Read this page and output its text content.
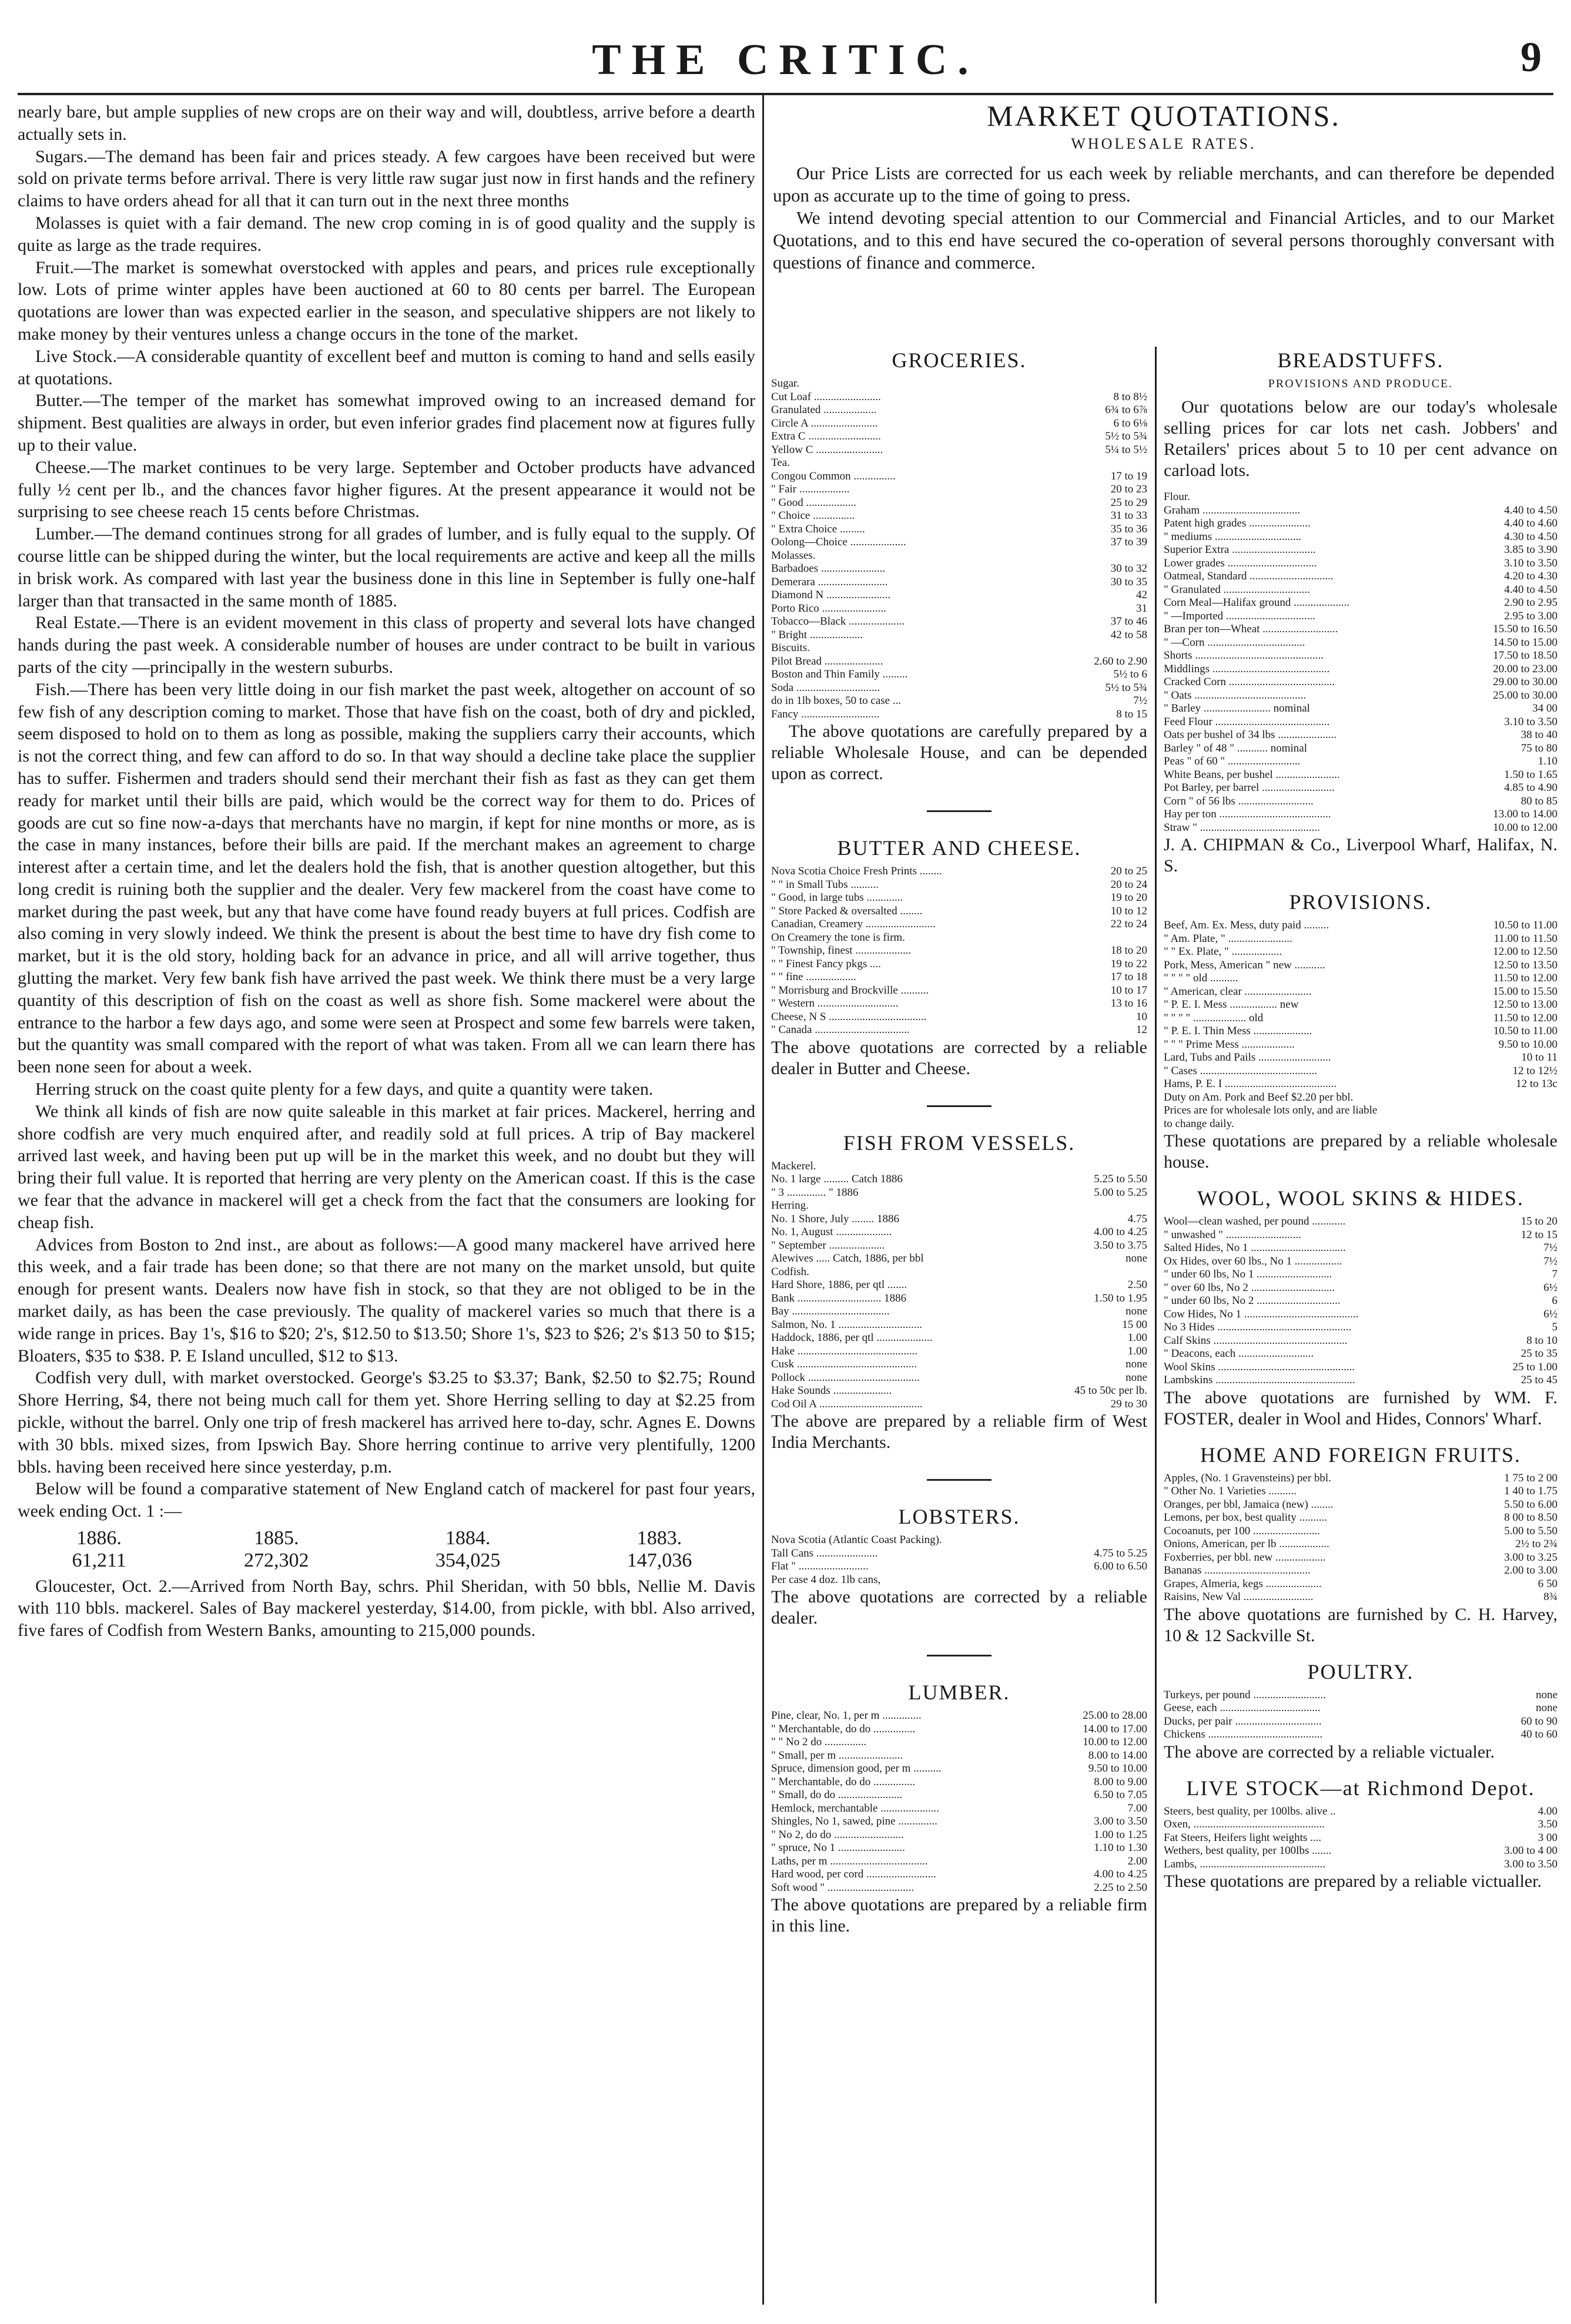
THE CRITIC.	9

nearly bare, but ample supplies of new crops are on their way and will, doubtless, arrive before a dearth actually sets in.

Sugars.—The demand has been fair and prices steady. A few cargoes have been received but were sold on private terms before arrival. There is very little raw sugar just now in first hands and the refinery claims to have orders ahead for all that it can turn out in the next three months

Molasses is quiet with a fair demand. The new crop coming in is of good quality and the supply is quite as large as the trade requires.

Fruit.—The market is somewhat overstocked with apples and pears, and prices rule exceptionally low. Lots of prime winter apples have been auctioned at 60 to 80 cents per barrel. The European quotations are lower than was expected earlier in the season, and speculative shippers are not likely to make money by their ventures unless a change occurs in the tone of the market.

Live Stock.—A considerable quantity of excellent beef and mutton is coming to hand and sells easily at quotations.

Butter.—The temper of the market has somewhat improved owing to an increased demand for shipment. Best qualities are always in order, but even inferior grades find placement now at figures fully up to their value.

Cheese.—The market continues to be very large. September and October products have advanced fully ½ cent per lb., and the chances favor higher figures. At the present appearance it would not be surprising to see cheese reach 15 cents before Christmas.

Lumber.—The demand continues strong for all grades of lumber, and is fully equal to the supply. Of course little can be shipped during the winter, but the local requirements are active and keep all the mills in brisk work. As compared with last year the business done in this line in September is fully one-half larger than that transacted in the same month of 1885.

Real Estate.—There is an evident movement in this class of property and several lots have changed hands during the past week. A considerable number of houses are under contract to be built in various parts of the city —principally in the western suburbs.

Fish.—There has been very little doing in our fish market the past week, altogether on account of so few fish of any description coming to market. Those that have fish on the coast, both of dry and pickled, seem disposed to hold on to them as long as possible, making the suppliers carry their accounts, which is not the correct thing, and few can afford to do so. In that way should a decline take place the supplier has to suffer. Fishermen and traders should send their merchant their fish as fast as they can get them ready for market until their bills are paid, which would be the correct way for them to do. Prices of goods are cut so fine now-a-days that merchants have no margin, if kept for nine months or more, as is the case in many instances, before their bills are paid. If the merchant makes an agreement to charge interest after a certain time, and let the dealers hold the fish, that is another question altogether, but this long credit is ruining both the supplier and the dealer. Very few mackerel from the coast have come to market during the past week, but any that have come have found ready buyers at full prices. Codfish are also coming in very slowly indeed. We think the present is about the best time to have dry fish come to market, but it is the old story, holding back for an advance in price, and all will arrive together, thus glutting the market. Very few bank fish have arrived the past week. We think there must be a very large quantity of this description of fish on the coast as well as shore fish. Some mackerel were about the entrance to the harbor a few days ago, and some were seen at Prospect and some few barrels were taken, but the quantity was small compared with the report of what was taken. From all we can learn there has been none seen for about a week.

Herring struck on the coast quite plenty for a few days, and quite a quantity were taken.

We think all kinds of fish are now quite saleable in this market at fair prices. Mackerel, herring and shore codfish are very much enquired after, and readily sold at full prices. A trip of Bay mackerel arrived last week, and having been put up will be in the market this week, and no doubt but they will bring their full value. It is reported that herring are very plenty on the American coast. If this is the case we fear that the advance in mackerel will get a check from the fact that the consumers are looking for cheap fish.

Advices from Boston to 2nd inst., are about as follows:—A good many mackerel have arrived here this week, and a fair trade has been done; so that there are not many on the market unsold, but quite enough for present wants. Dealers now have fish in stock, so that they are not obliged to be in the market daily, as has been the case previously. The quality of mackerel varies so much that there is a wide range in prices. Bay 1's, $16 to $20; 2's, $12.50 to $13.50; Shore 1's, $23 to $26; 2's $13 50 to $15; Bloaters, $35 to $38. P. E Island unculled, $12 to $13.

Codfish very dull, with market overstocked. George's $3.25 to $3.37; Bank, $2.50 to $2.75; Round Shore Herring, $4, there not being much call for them yet. Shore Herring selling to day at $2.25 from pickle, without the barrel. Only one trip of fresh mackerel has arrived here to-day, schr. Agnes E. Downs with 30 bbls. mixed sizes, from Ipswich Bay. Shore herring continue to arrive very plentifully, 1200 bbls. having been received here since yesterday, p.m.

Below will be found a comparative statement of New England catch of mackerel for past four years, week ending Oct. 1 :—

1886.	1885.	1884.	1883.
61,211	272,302	354,025	147,036

Gloucester, Oct. 2.—Arrived from North Bay, schrs. Phil Sheridan, with 50 bbls, Nellie M. Davis with 110 bbls. mackerel. Sales of Bay mackerel yesterday, $14.00, from pickle, with bbl. Also arrived, five fares of Codfish from Western Banks, amounting to 215,000 pounds.

MARKET QUOTATIONS.
WHOLESALE RATES.

Our Price Lists are corrected for us each week by reliable merchants, and can therefore be depended upon as accurate up to the time of going to press.

We intend devoting special attention to our Commercial and Financial Articles, and to our Market Quotations, and to this end have secured the co-operation of several persons thoroughly conversant with questions of finance and commerce.

GROCERIES.
Sugar.
Cut Loaf ........................	8 to 8½
Granulated ...................	6¾ to 6⅞
Circle A ........................	6 to 6⅛
Extra C ..........................	5½ to 5¾
Yellow C ........................	5¼ to 5½
Tea.
Congou Common ...............	17 to 19
" Fair ..................	20 to 23
" Good ..................	25 to 29
" Choice ...............	31 to 33
" Extra Choice .........	35 to 36
Oolong—Choice ....................	37 to 39
Molasses.
Barbadoes .......................	30 to 32
Demerara .........................	30 to 35
Diamond N .......................	42
Porto Rico .......................	31
Tobacco—Black ....................	37 to 46
" Bright ...................	42 to 58
Biscuits.
Pilot Bread .....................	2.60 to 2.90
Boston and Thin Family .........	5½ to 6
Soda ..............................	5½ to 5¾
do in 1lb boxes, 50 to case ...	7½
Fancy ............................	8 to 15

The above quotations are carefully prepared by a reliable Wholesale House, and can be depended upon as correct.

BUTTER AND CHEESE.
Nova Scotia Choice Fresh Prints ........	20 to 25
" " in Small Tubs ..........	20 to 24
" Good, in large tubs .............	19 to 20
" Store Packed & oversalted ........	10 to 12
Canadian, Creamery .........................	22 to 24
On Creamery the tone is firm.
" Township, finest ....................	18 to 20
" " Finest Fancy pkgs ....	19 to 22
" " fine ..................	17 to 18
" Morrisburg and Brockville ..........	10 to 17
" Western .............................	13 to 16
Cheese, N S ...................................	10
" Canada ..................................	12

The above quotations are corrected by a reliable dealer in Butter and Cheese.

FISH FROM VESSELS.
Mackerel.
No. 1 large ......... Catch 1886	5.25 to 5.50
" 3 .............. " 1886	5.00 to 5.25
Herring.
No. 1 Shore, July ........ 1886	4.75
No. 1, August ....................	4.00 to 4.25
" September ....................	3.50 to 3.75
Alewives ..... Catch, 1886, per bbl	none
Codfish.
Hard Shore, 1886, per qtl .......	2.50
Bank .............................. 1886	1.50 to 1.95
Bay ...................................	none
Salmon, No. 1 ..............................	15 00
Haddock, 1886, per qtl ....................	1.00
Hake ...........................................	1.00
Cusk ...........................................	none
Pollock ........................................	none
Hake Sounds .....................	45 to 50c per lb.
Cod Oil A .....................................	29 to 30

The above are prepared by a reliable firm of West India Merchants.

LOBSTERS.
Nova Scotia (Atlantic Coast Packing).
Tall Cans ......................	4.75 to 5.25
Flat " .........................	6.00 to 6.50
Per case 4 doz. 1lb cans,

The above quotations are corrected by a reliable dealer.

LUMBER.
Pine, clear, No. 1, per m ..............	25.00 to 28.00
" Merchantable, do do ...............	14.00 to 17.00
" " No 2 do ...............	10.00 to 12.00
" Small, per m .......................	8.00 to 14.00
Spruce, dimension good, per m ..........	9.50 to 10.00
" Merchantable, do do ...............	8.00 to 9.00
" Small, do do .......................	6.50 to 7.05
Hemlock, merchantable .....................	7.00
Shingles, No 1, sawed, pine ..............	3.00 to 3.50
" No 2, do do .........................	1.00 to 1.25
" spruce, No 1 ........................	1.10 to 1.30
Laths, per m ...................................	2.00
Hard wood, per cord .........................	4.00 to 4.25
Soft wood " ...............................	2.25 to 2.50

The above quotations are prepared by a reliable firm in this line.

BREADSTUFFS.
PROVISIONS AND PRODUCE.

Our quotations below are our today's wholesale selling prices for car lots net cash. Jobbers' and Retailers' prices about 5 to 10 per cent advance on carload lots.

Flour.
Graham ...................................	4.40 to 4.50
Patent high grades ......................	4.40 to 4.60
" mediums ...............................	4.30 to 4.50
Superior Extra ..............................	3.85 to 3.90
Lower grades ................................	3.10 to 3.50
Oatmeal, Standard ..............................	4.20 to 4.30
" Granulated ...............................	4.40 to 4.50
Corn Meal—Halifax ground ....................	2.90 to 2.95
" —Imported ................................	2.95 to 3.00
Bran per ton—Wheat ...........................	15.50 to 16.50
" —Corn ...................................	14.50 to 15.00
Shorts ..............................................	17.50 to 18.50
Middlings ..........................................	20.00 to 23.00
Cracked Corn ......................................	29.00 to 30.00
" Oats ........................................	25.00 to 30.00
" Barley ........................ nominal	34 00
Feed Flour .........................................	3.10 to 3.50
Oats per bushel of 34 lbs .....................	38 to 40
Barley " of 48 " ........... nominal	75 to 80
Peas " of 60 " ..........................	1.10
White Beans, per bushel .......................	1.50 to 1.65
Pot Barley, per barrel ..........................	4.85 to 4.90
Corn " of 56 lbs ...........................	80 to 85
Hay per ton ........................................	13.00 to 14.00
Straw " ...........................................	10.00 to 12.00

J. A. CHIPMAN & Co., Liverpool Wharf, Halifax, N. S.

PROVISIONS.
Beef, Am. Ex. Mess, duty paid .........	10.50 to 11.00
" Am. Plate, " .......................	11.00 to 11.50
" " Ex. Plate, " ..................	12.00 to 12.50
Pork, Mess, American " new ...........	12.50 to 13.50
" " " " old ..........	11.50 to 12.00
" American, clear ........................	15.00 to 15.50
" P. E. I. Mess ................. new	12.50 to 13.00
" " " " ................... old	11.50 to 12.00
" P. E. I. Thin Mess .....................	10.50 to 11.00
" " " Prime Mess ...................	9.50 to 10.00
Lard, Tubs and Pails ..........................	10 to 11
" Cases ..........................................	12 to 12½
Hams, P. E. I ........................................	12 to 13c
Duty on Am. Pork and Beef $2.20 per bbl.
Prices are for wholesale lots only, and are liable
to change daily.

These quotations are prepared by a reliable wholesale house.

WOOL, WOOL SKINS & HIDES.
Wool—clean washed, per pound ............	15 to 20
" unwashed " ...........................	12 to 15
Salted Hides, No 1 ..................................	7½
Ox Hides, over 60 lbs., No 1 .................	7½
" under 60 lbs, No 1 ...........................	7
" over 60 lbs, No 2 ..............................	6½
" under 60 lbs, No 2 ..............................	6
Cow Hides, No 1 .........................................	6½
No 3 Hides ................................................	5
Calf Skins ................................................	8 to 10
" Deacons, each ...........................	25 to 35
Wool Skins .................................................	25 to 1.00
Lambskins ..................................................	25 to 45

The above quotations are furnished by WM. F. FOSTER, dealer in Wool and Hides, Connors' Wharf.

HOME AND FOREIGN FRUITS.
Apples, (No. 1 Gravensteins) per bbl.	1 75 to 2 00
" Other No. 1 Varieties ..........	1 40 to 1.75
Oranges, per bbl, Jamaica (new) ........	5.50 to 6.00
Lemons, per box, best quality ..........	8 00 to 8.50
Cocoanuts, per 100 ........................	5.00 to 5.50
Onions, American, per lb ..................	2½ to 2¾
Foxberries, per bbl. new ..................	3.00 to 3.25
Bananas ......................................	2.00 to 3.00
Grapes, Almeria, kegs ....................	6 50
Raisins, New Val .........................	8¾

The above quotations are furnished by C. H. Harvey, 10 & 12 Sackville St.

POULTRY.
Turkeys, per pound ..........................	none
Geese, each ....................................	none
Ducks, per pair ...............................	60 to 90
Chickens .........................................	40 to 60

The above are corrected by a reliable victualer.

LIVE STOCK—at Richmond Depot.
Steers, best quality, per 100lbs. alive ..	4.00
Oxen, ...............................................	3.50
Fat Steers, Heifers light weights ....	3 00
Wethers, best quality, per 100lbs .......	3.00 to 4 00
Lambs, .............................................	3.00 to 3.50

These quotations are prepared by a reliable victualler.
